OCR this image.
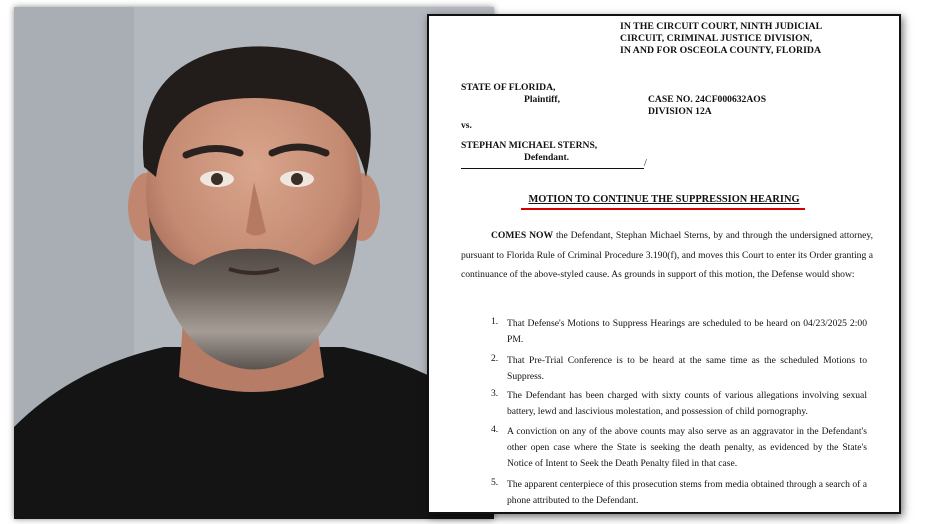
IN THE CIRCUIT COURT, NINTH JUDICIAL
CIRCUIT, CRIMINAL JUSTICE DIVISION,
IN AND FOR OSCEOLA COUNTY, FLORIDA
STATE OF FLORIDA,
Plaintiff,	CASE NO. 24CF000632AOS
DIVISION 12A
vs.
STEPHAN MICHAEL STERNS,
Defendant.
/
MOTION TO CONTINUE THE SUPPRESSION HEARING
COMES NOW the Defendant, Stephan Michael Sterns, by and through the undersigned attorney, pursuant to Florida Rule of Criminal Procedure 3.190(f), and moves this Court to enter its Order granting a continuance of the above-styled cause. As grounds in support of this motion, the Defense would show:
1. That Defense's Motions to Suppress Hearings are scheduled to be heard on 04/23/2025 2:00 PM.
2. That Pre-Trial Conference is to be heard at the same time as the scheduled Motions to Suppress.
3. The Defendant has been charged with sixty counts of various allegations involving sexual battery, lewd and lascivious molestation, and possession of child pornography.
4. A conviction on any of the above counts may also serve as an aggravator in the Defendant's other open case where the State is seeking the death penalty, as evidenced by the State's Notice of Intent to Seek the Death Penalty filed in that case.
5. The apparent centerpiece of this prosecution stems from media obtained through a search of a phone attributed to the Defendant.
